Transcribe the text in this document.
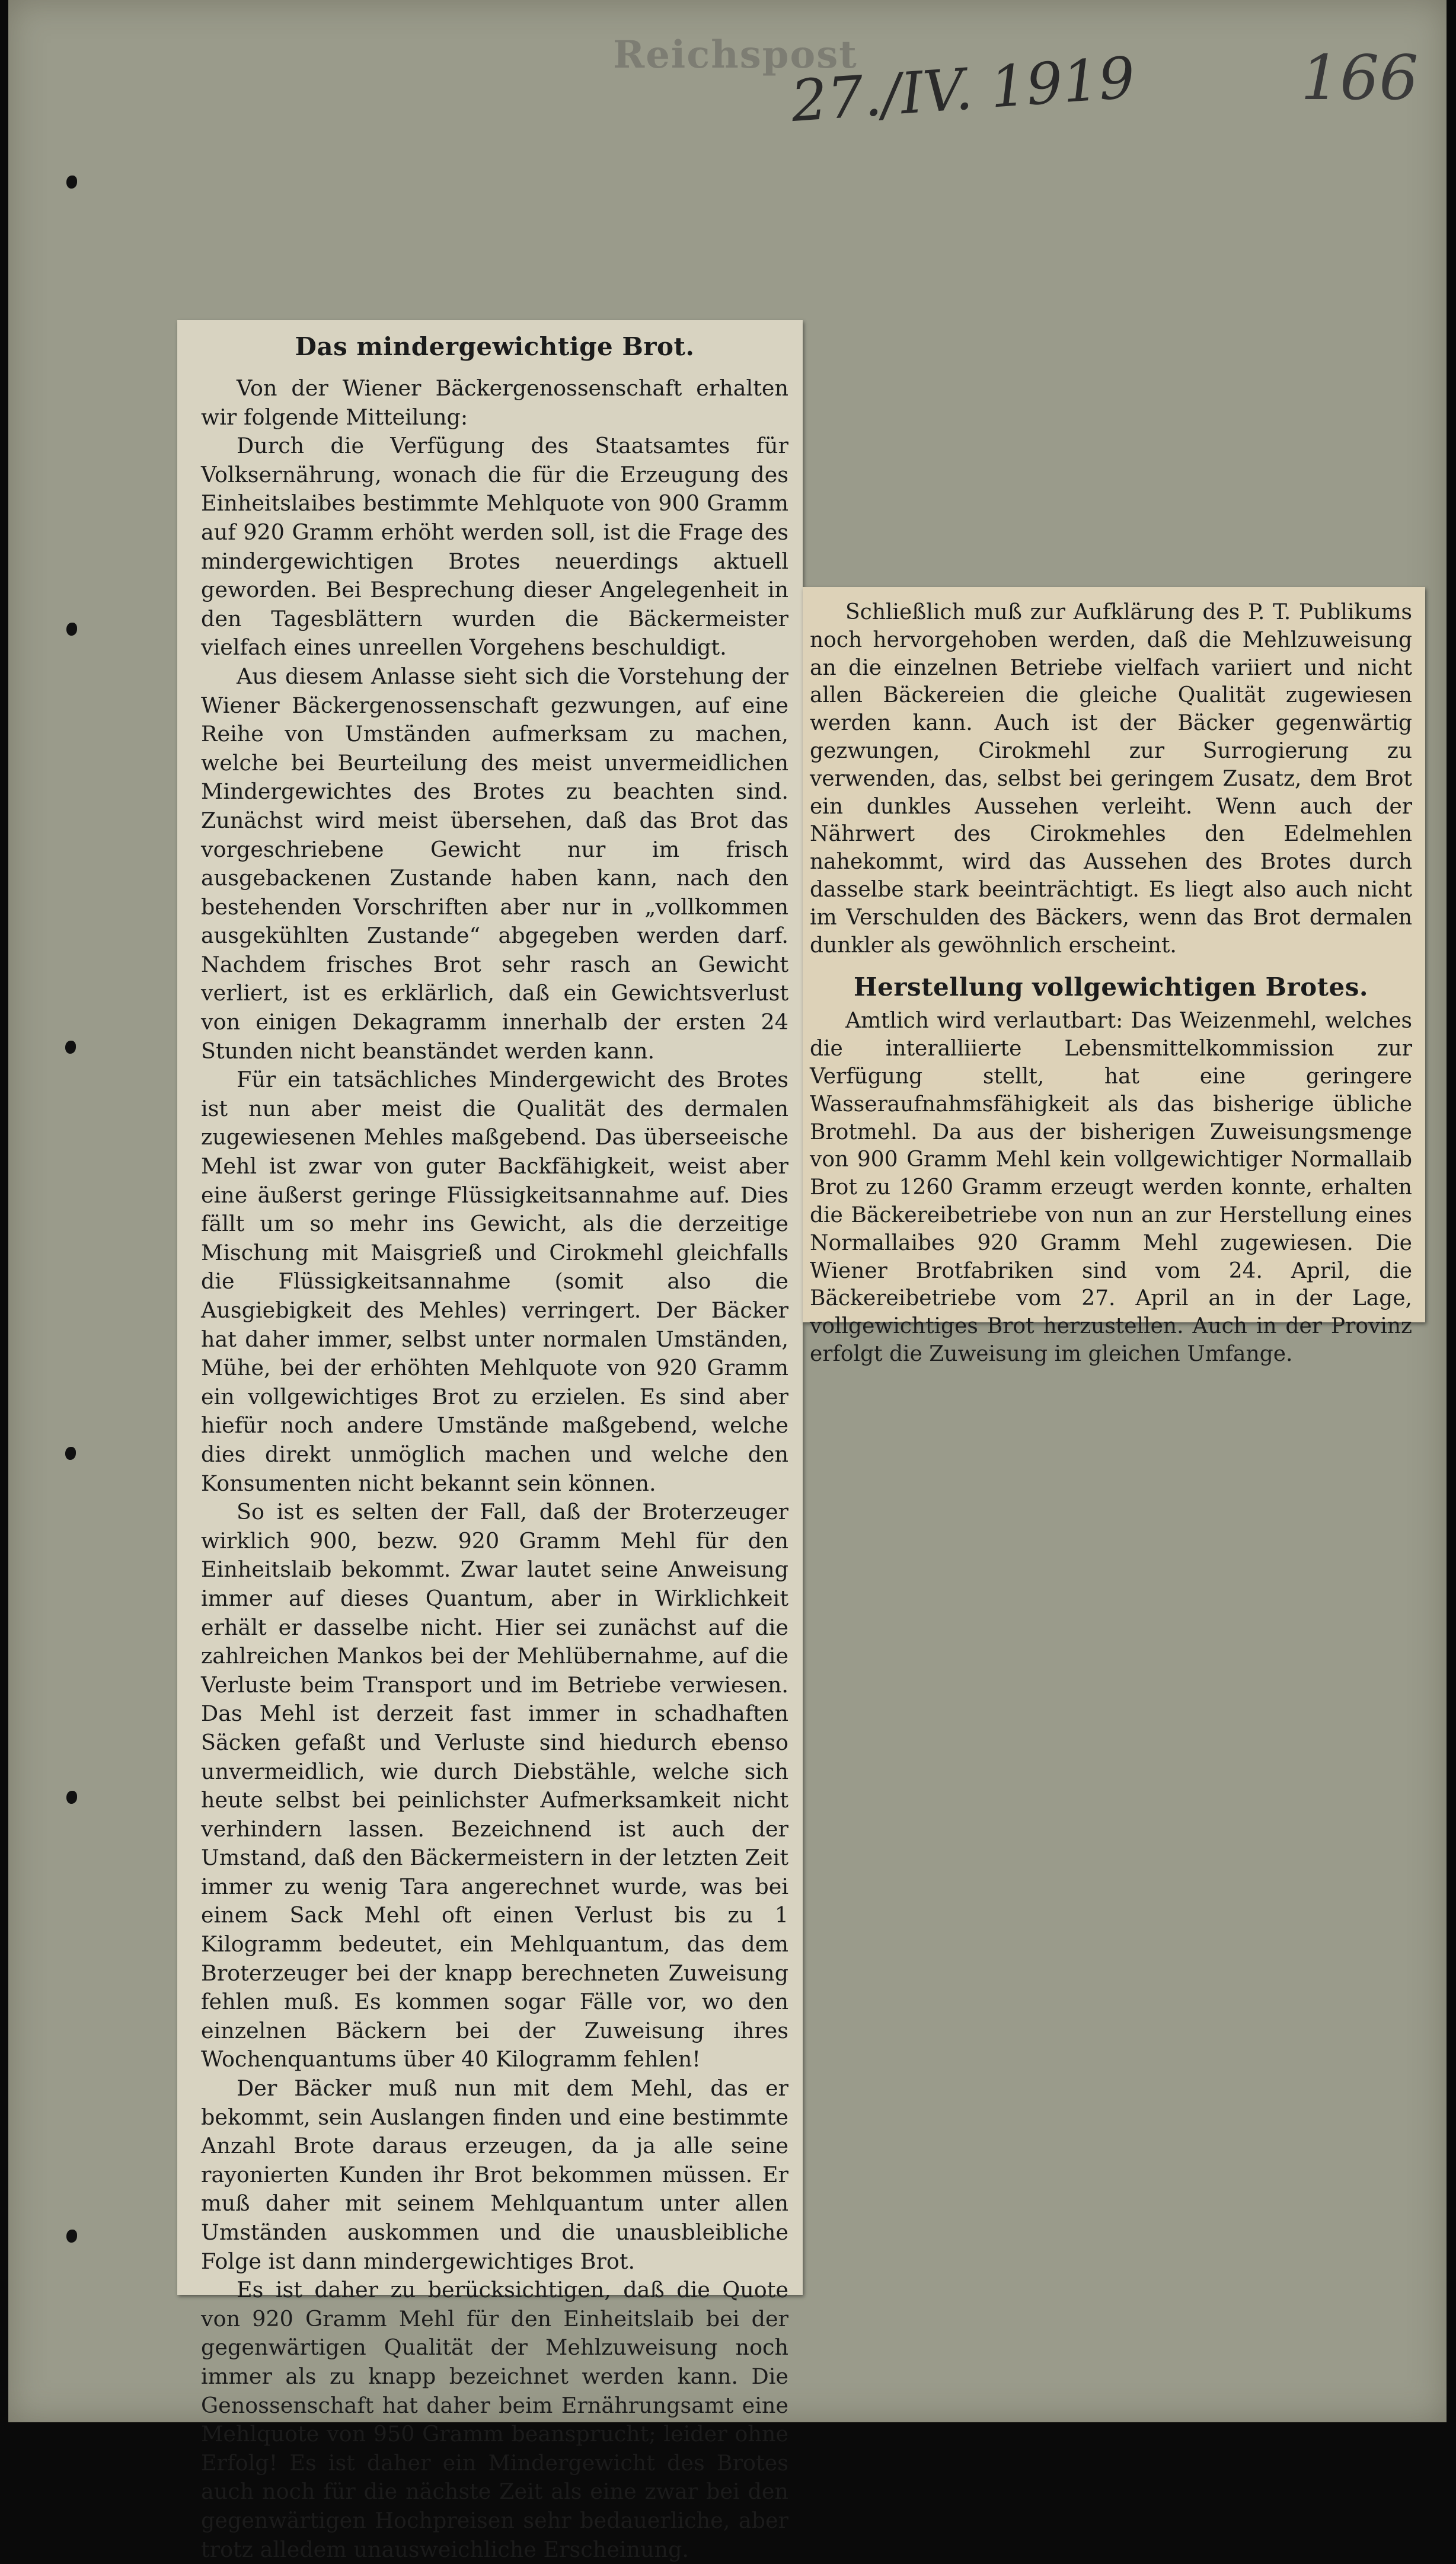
Reichspost
27./IV. 1919	166
Das mindergewichtige Brot.

Von der Wiener Bäckergenossenschaft erhalten wir folgende Mitteilung:

Durch die Verfügung des Staatsamtes für Volksernährung, wonach die für die Erzeugung des Einheitslaibes bestimmte Mehlquote von 900 Gramm auf 920 Gramm erhöht werden soll, ist die Frage des mindergewichtigen Brotes neuerdings aktuell geworden. Bei Besprechung dieser Angelegenheit in den Tagesblättern wurden die Bäckermeister vielfach eines unreellen Vorgehens beschuldigt.

Aus diesem Anlasse sieht sich die Vorstehung der Wiener Bäckergenossenschaft gezwungen, auf eine Reihe von Umständen aufmerksam zu machen, welche bei Beurteilung des meist unvermeidlichen Mindergewichtes des Brotes zu beachten sind. Zunächst wird meist übersehen, daß das Brot das vorgeschriebene Gewicht nur im frisch ausgebackenen Zustande haben kann, nach den bestehenden Vorschriften aber nur in „vollkommen ausgekühlten Zustande“ abgegeben werden darf. Nachdem frisches Brot sehr rasch an Gewicht verliert, ist es erklärlich, daß ein Gewichtsverlust von einigen Dekagramm innerhalb der ersten 24 Stunden nicht beanständet werden kann.

Für ein tatsächliches Mindergewicht des Brotes ist nun aber meist die Qualität des dermalen zugewiesenen Mehles maßgebend. Das überseeische Mehl ist zwar von guter Backfähigkeit, weist aber eine äußerst geringe Flüssigkeitsannahme auf. Dies fällt um so mehr ins Gewicht, als die derzeitige Mischung mit Maisgrieß und Cirokmehl gleichfalls die Flüssigkeitsannahme (somit also die Ausgiebigkeit des Mehles) verringert. Der Bäcker hat daher immer, selbst unter normalen Umständen, Mühe, bei der erhöhten Mehlquote von 920 Gramm ein vollgewichtiges Brot zu erzielen. Es sind aber hiefür noch andere Umstände maßgebend, welche dies direkt unmöglich machen und welche den Konsumenten nicht bekannt sein können.

So ist es selten der Fall, daß der Broterzeuger wirklich 900, bezw. 920 Gramm Mehl für den Einheitslaib bekommt. Zwar lautet seine Anweisung immer auf dieses Quantum, aber in Wirklichkeit erhält er dasselbe nicht. Hier sei zunächst auf die zahlreichen Mankos bei der Mehlübernahme, auf die Verluste beim Transport und im Betriebe verwiesen. Das Mehl ist derzeit fast immer in schadhaften Säcken gefaßt und Verluste sind hiedurch ebenso unvermeidlich, wie durch Diebstähle, welche sich heute selbst bei peinlichster Aufmerksamkeit nicht verhindern lassen. Bezeichnend ist auch der Umstand, daß den Bäckermeistern in der letzten Zeit immer zu wenig Tara angerechnet wurde, was bei einem Sack Mehl oft einen Verlust bis zu 1 Kilogramm bedeutet, ein Mehlquantum, das dem Broterzeuger bei der knapp berechneten Zuweisung fehlen muß. Es kommen sogar Fälle vor, wo den einzelnen Bäckern bei der Zuweisung ihres Wochenquantums über 40 Kilogramm fehlen!

Der Bäcker muß nun mit dem Mehl, das er bekommt, sein Auslangen finden und eine bestimmte Anzahl Brote daraus erzeugen, da ja alle seine rayonierten Kunden ihr Brot bekommen müssen. Er muß daher mit seinem Mehlquantum unter allen Umständen auskommen und die unausbleibliche Folge ist dann mindergewichtiges Brot.

Es ist daher zu berücksichtigen, daß die Quote von 920 Gramm Mehl für den Einheitslaib bei der gegenwärtigen Qualität der Mehlzuweisung noch immer als zu knapp bezeichnet werden kann. Die Genossenschaft hat daher beim Ernährungsamt eine Mehlquote von 950 Gramm beansprucht; leider ohne Erfolg! Es ist daher ein Mindergewicht des Brotes auch noch für die nächste Zeit als eine zwar bei den gegenwärtigen Hochpreisen sehr bedauerliche, aber trotz alledem unausweichliche Erscheinung.

Schließlich muß zur Aufklärung des P. T. Publikums noch hervorgehoben werden, daß die Mehlzuweisung an die einzelnen Betriebe vielfach variiert und nicht allen Bäckereien die gleiche Qualität zugewiesen werden kann. Auch ist der Bäcker gegenwärtig gezwungen, Cirokmehl zur Surrogierung zu verwenden, das, selbst bei geringem Zusatz, dem Brot ein dunkles Aussehen verleiht. Wenn auch der Nährwert des Cirokmehles den Edelmehlen nahekommt, wird das Aussehen des Brotes durch dasselbe stark beeinträchtigt. Es liegt also auch nicht im Verschulden des Bäckers, wenn das Brot dermalen dunkler als gewöhnlich erscheint.

Herstellung vollgewichtigen Brotes.

Amtlich wird verlautbart: Das Weizenmehl, welches die interalliierte Lebensmittelkommission zur Verfügung stellt, hat eine geringere Wasseraufnahmsfähigkeit als das bisherige übliche Brotmehl. Da aus der bisherigen Zuweisungsmenge von 900 Gramm Mehl kein vollgewichtiger Normallaib Brot zu 1260 Gramm erzeugt werden konnte, erhalten die Bäckereibetriebe von nun an zur Herstellung eines Normallaibes 920 Gramm Mehl zugewiesen. Die Wiener Brotfabriken sind vom 24. April, die Bäckereibetriebe vom 27. April an in der Lage, vollgewichtiges Brot herzustellen. Auch in der Provinz erfolgt die Zuweisung im gleichen Umfange.
